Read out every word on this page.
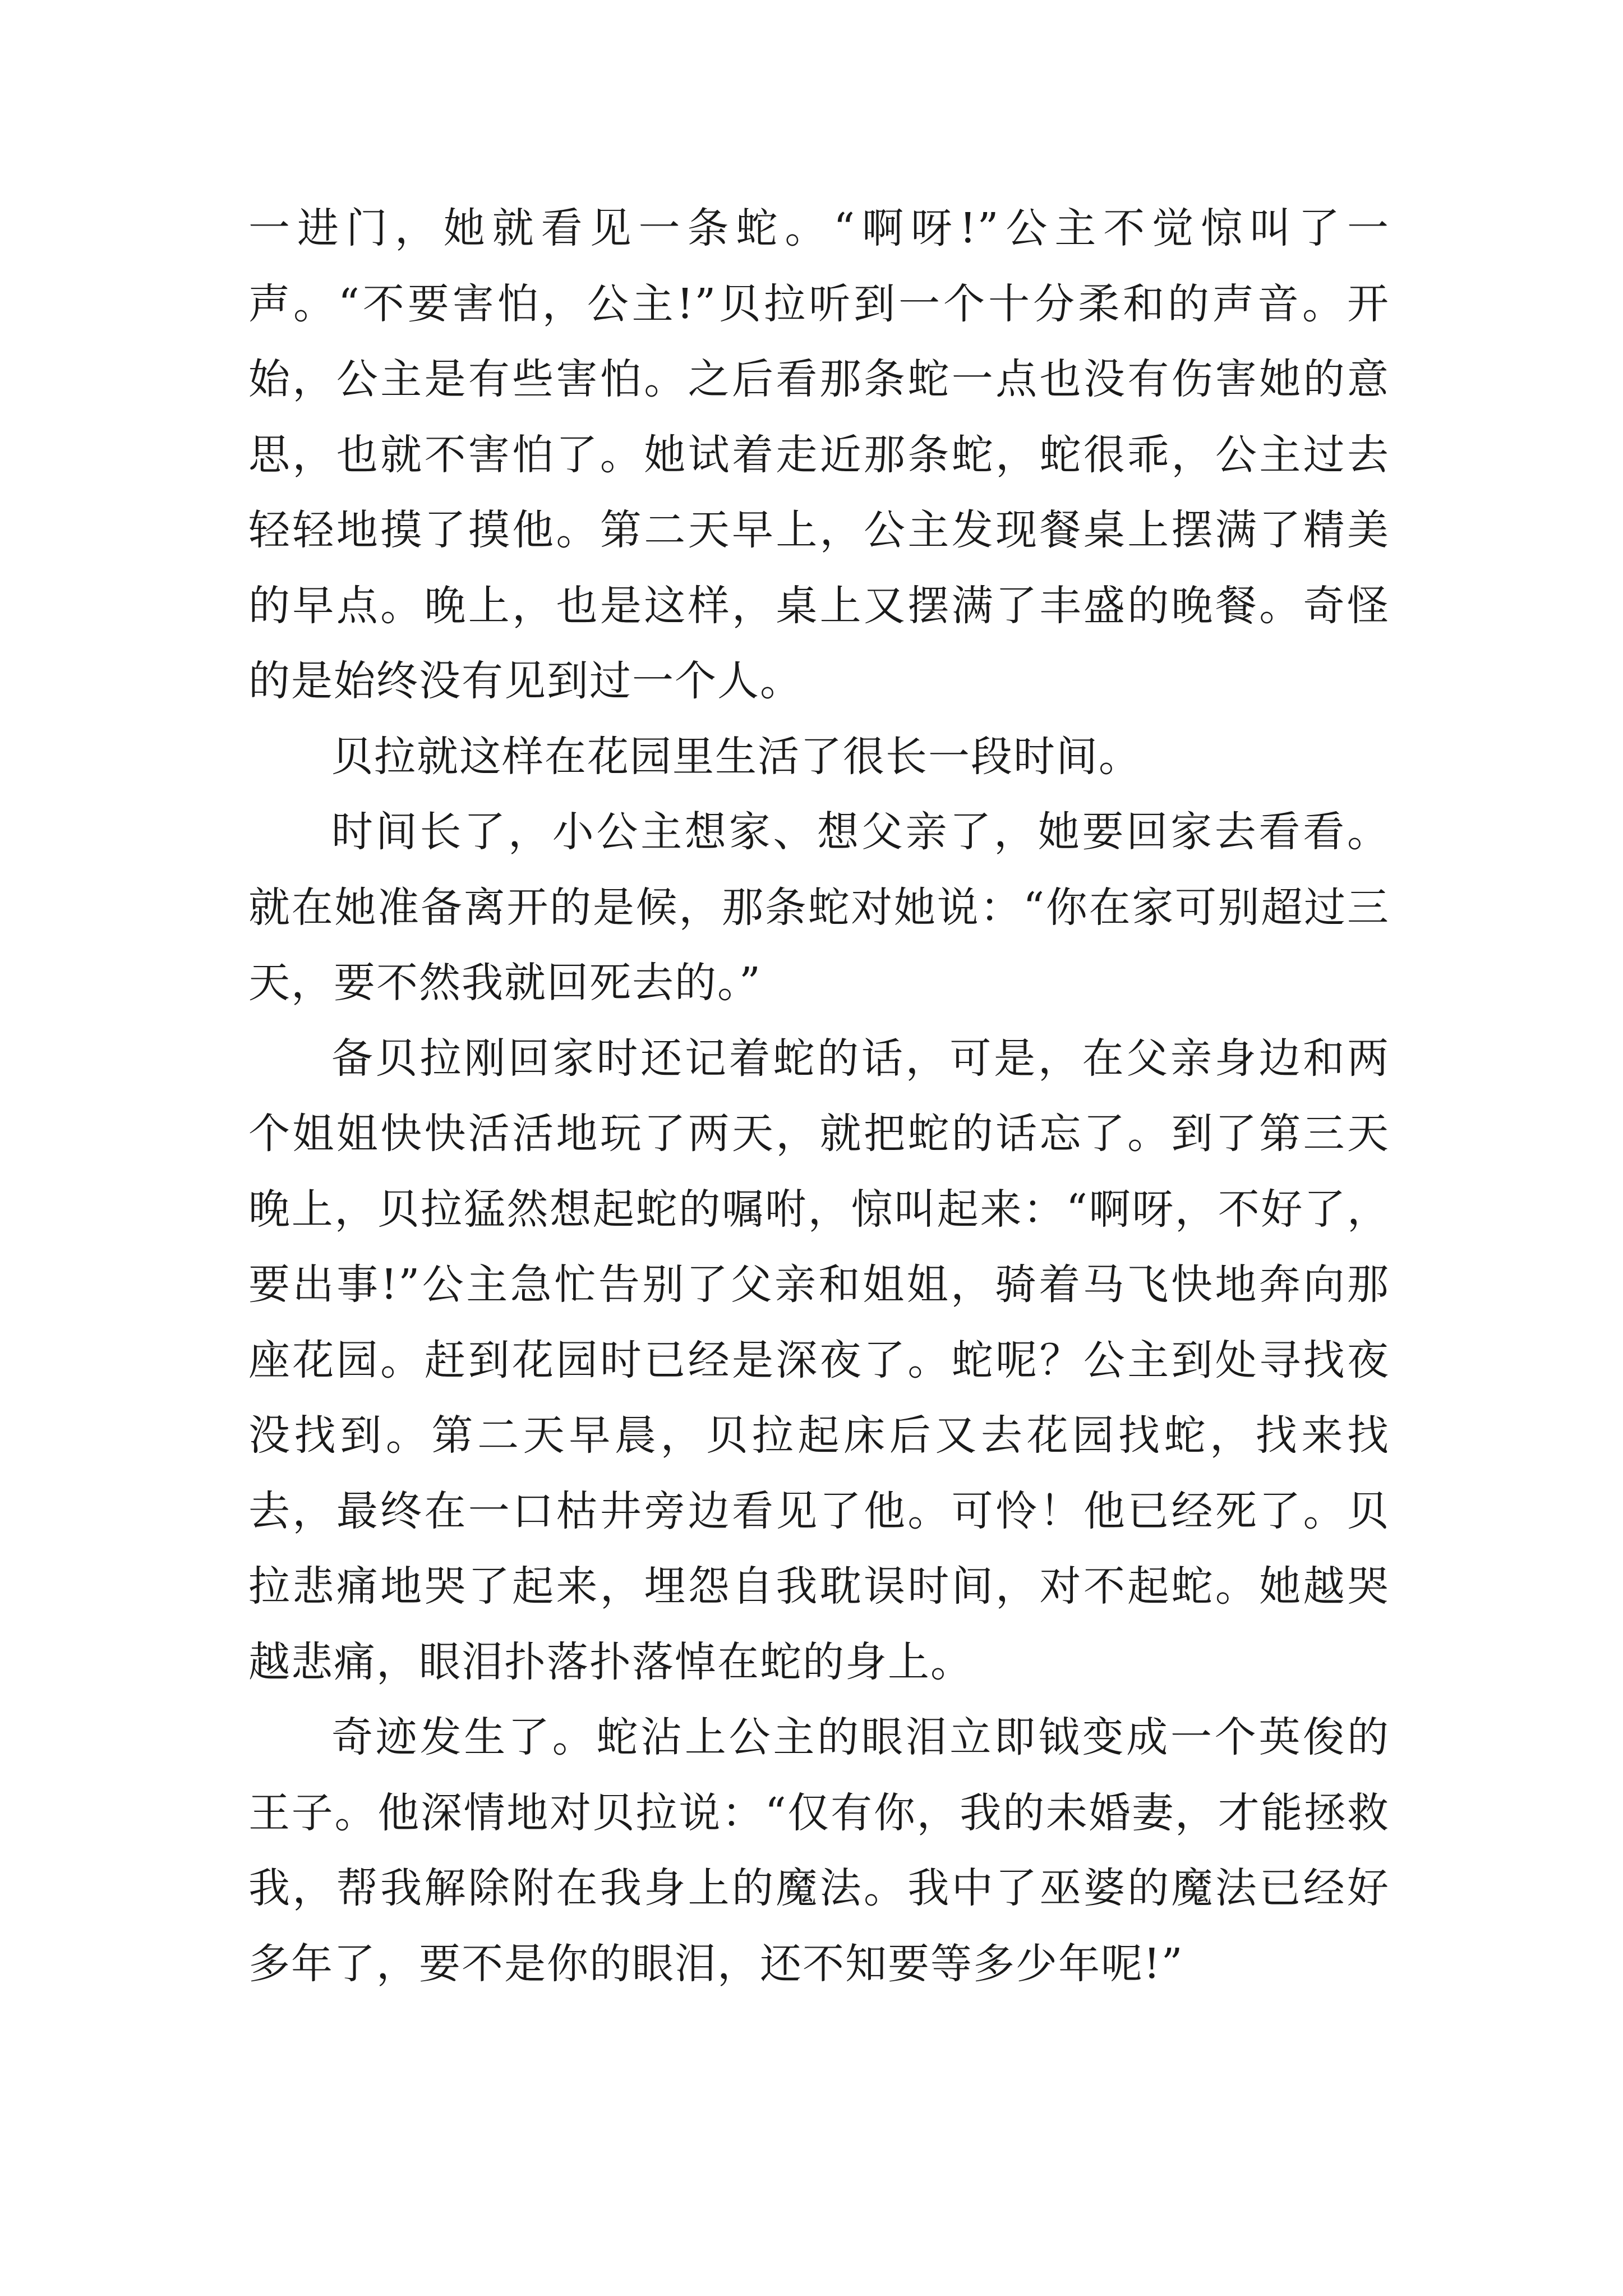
一进门，她就看见一条蛇。“啊呀!”公主不觉惊叫了一声。“不要害怕，公主!”贝拉听到一个十分柔和的声音。开始，公主是有些害怕。之后看那条蛇一点也没有伤害她的意思，也就不害怕了。她试着走近那条蛇，蛇很乖，公主过去轻轻地摸了摸他。第二天早上，公主发现餐桌上摆满了精美的早点。晚上，也是这样，桌上又摆满了丰盛的晚餐。奇怪的是始终没有见到过一个人。

贝拉就这样在花园里生活了很长一段时间。

时间长了，小公主想家、想父亲了，她要回家去看看。就在她准备离开的是候，那条蛇对她说：“你在家可别超过三天，要不然我就回死去的。”

备贝拉刚回家时还记着蛇的话，可是，在父亲身边和两个姐姐快快活活地玩了两天，就把蛇的话忘了。到了第三天晚上，贝拉猛然想起蛇的嘱咐，惊叫起来：“啊呀，不好了，要出事!”公主急忙告别了父亲和姐姐，骑着马飞快地奔向那座花园。赶到花园时已经是深夜了。蛇呢？公主到处寻找夜没找到。第二天早晨，贝拉起床后又去花园找蛇，找来找去，最终在一口枯井旁边看见了他。可怜！他已经死了。贝拉悲痛地哭了起来，埋怨自我耽误时间，对不起蛇。她越哭越悲痛，眼泪扑落扑落悼在蛇的身上。

奇迹发生了。蛇沾上公主的眼泪立即钺变成一个英俊的王子。他深情地对贝拉说：“仅有你，我的未婚妻，才能拯救我，帮我解除附在我身上的魔法。我中了巫婆的魔法已经好多年了，要不是你的眼泪，还不知要等多少年呢!”
